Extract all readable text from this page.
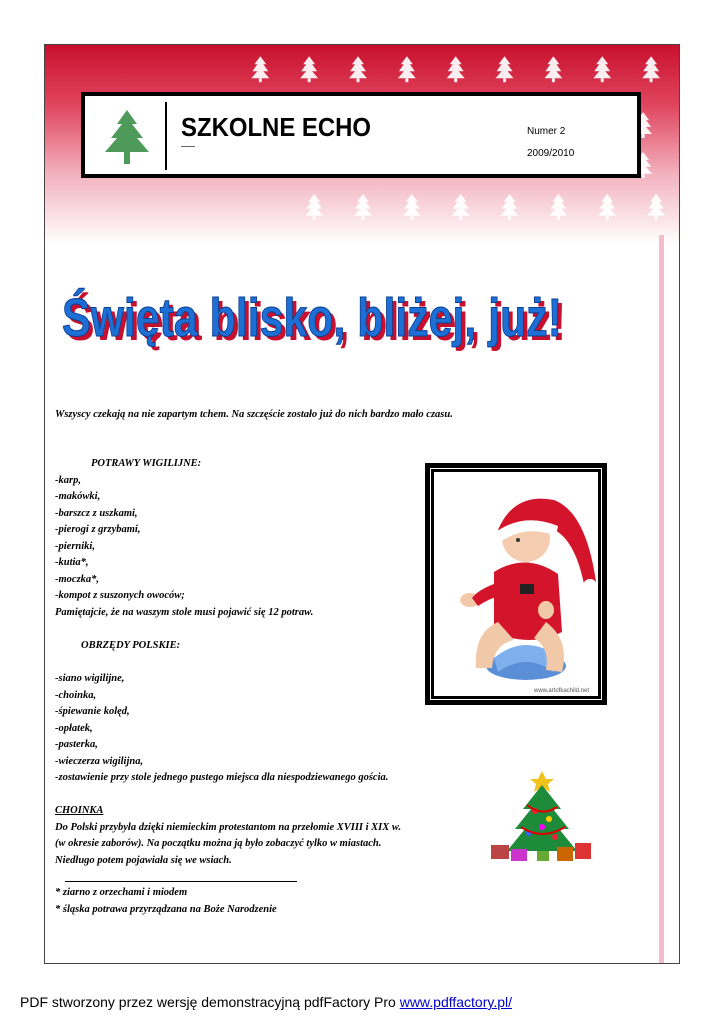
SZKOLNE ECHO	Numer 2
2009/2010
Święta blisko, bliżej, już!
Święta blisko, bliżej, już!
Wszyscy czekają na nie zapartym tchem. Na szczęście zostało już do nich bardzo mało czasu.
POTRAWY WIGILIJNE:
-karp,
-makówki,
-barszcz z uszkami,
-pierogi z grzybami,
-pierniki,
-kutia*,
-moczka*,
-kompot z suszonych owoców;
Pamiętajcie, że na waszym stole musi pojawić się 12 potraw.
OBRZĘDY POLSKIE:
-siano wigilijne,
-choinka,
-śpiewanie kolęd,
-opłatek,
-pasterka,
-wieczerza wigilijna,
-zostawienie przy stole jednego pustego miejsca dla niespodziewanego gościa.
CHOINKA
Do Polski przybyła dzięki niemieckim protestantom na przełomie XVIII i XIX w.
(w okresie zaborów). Na początku można ją było zobaczyć tylko w miastach.
Niedługo potem pojawiała się we wsiach.
* ziarno z orzechami i miodem
* śląska potrawa przyrządzana na Boże Narodzenie
www.artofkachild.net
PDF stworzony przez wersję demonstracyjną pdfFactory Pro www.pdffactory.pl/
